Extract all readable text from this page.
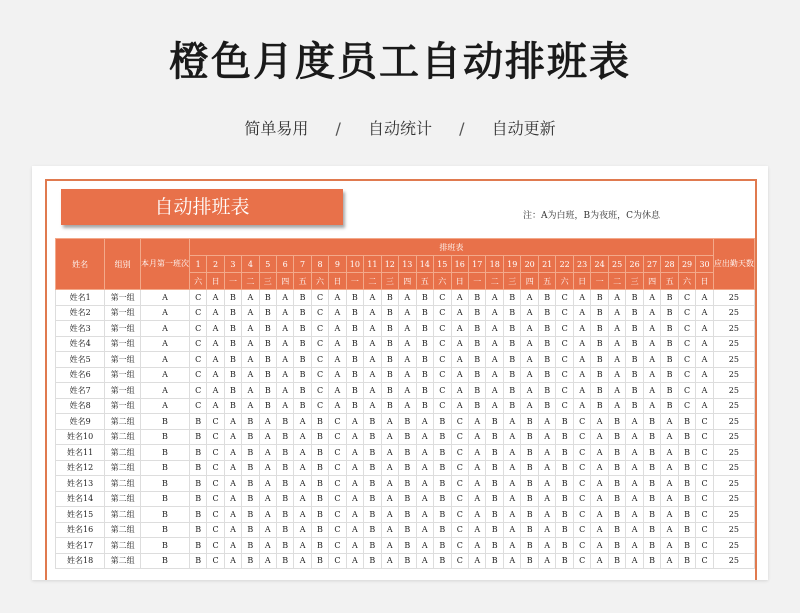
橙色月度员工自动排班表
简单易用 / 自动统计 / 自动更新
自动排班表	注：A为白班，B为夜班，C为休息
姓名	组别	本月第一班次	排班表																														应出勤天数
			1	2	3	4	5	6	7	8	9	10	11	12	13	14	15	16	17	18	19	20	21	22	23	24	25	26	27	28	29	30	
			六	日	一	二	三	四	五	六	日	一	二	三	四	五	六	日	一	二	三	四	五	六	日	一	二	三	四	五	六	日	
姓名1	第一组	A	C	A	B	A	B	A	B	C	A	B	A	B	A	B	C	A	B	A	B	A	B	C	A	B	A	B	A	B	C	A	25
姓名2	第一组	A	C	A	B	A	B	A	B	C	A	B	A	B	A	B	C	A	B	A	B	A	B	C	A	B	A	B	A	B	C	A	25
姓名3	第一组	A	C	A	B	A	B	A	B	C	A	B	A	B	A	B	C	A	B	A	B	A	B	C	A	B	A	B	A	B	C	A	25
姓名4	第一组	A	C	A	B	A	B	A	B	C	A	B	A	B	A	B	C	A	B	A	B	A	B	C	A	B	A	B	A	B	C	A	25
姓名5	第一组	A	C	A	B	A	B	A	B	C	A	B	A	B	A	B	C	A	B	A	B	A	B	C	A	B	A	B	A	B	C	A	25
姓名6	第一组	A	C	A	B	A	B	A	B	C	A	B	A	B	A	B	C	A	B	A	B	A	B	C	A	B	A	B	A	B	C	A	25
姓名7	第一组	A	C	A	B	A	B	A	B	C	A	B	A	B	A	B	C	A	B	A	B	A	B	C	A	B	A	B	A	B	C	A	25
姓名8	第一组	A	C	A	B	A	B	A	B	C	A	B	A	B	A	B	C	A	B	A	B	A	B	C	A	B	A	B	A	B	C	A	25
姓名9	第二组	B	B	C	A	B	A	B	A	B	C	A	B	A	B	A	B	C	A	B	A	B	A	B	C	A	B	A	B	A	B	C	25
姓名10	第二组	B	B	C	A	B	A	B	A	B	C	A	B	A	B	A	B	C	A	B	A	B	A	B	C	A	B	A	B	A	B	C	25
姓名11	第二组	B	B	C	A	B	A	B	A	B	C	A	B	A	B	A	B	C	A	B	A	B	A	B	C	A	B	A	B	A	B	C	25
姓名12	第二组	B	B	C	A	B	A	B	A	B	C	A	B	A	B	A	B	C	A	B	A	B	A	B	C	A	B	A	B	A	B	C	25
姓名13	第二组	B	B	C	A	B	A	B	A	B	C	A	B	A	B	A	B	C	A	B	A	B	A	B	C	A	B	A	B	A	B	C	25
姓名14	第二组	B	B	C	A	B	A	B	A	B	C	A	B	A	B	A	B	C	A	B	A	B	A	B	C	A	B	A	B	A	B	C	25
姓名15	第二组	B	B	C	A	B	A	B	A	B	C	A	B	A	B	A	B	C	A	B	A	B	A	B	C	A	B	A	B	A	B	C	25
姓名16	第二组	B	B	C	A	B	A	B	A	B	C	A	B	A	B	A	B	C	A	B	A	B	A	B	C	A	B	A	B	A	B	C	25
姓名17	第二组	B	B	C	A	B	A	B	A	B	C	A	B	A	B	A	B	C	A	B	A	B	A	B	C	A	B	A	B	A	B	C	25
姓名18	第二组	B	B	C	A	B	A	B	A	B	C	A	B	A	B	A	B	C	A	B	A	B	A	B	C	A	B	A	B	A	B	C	25
